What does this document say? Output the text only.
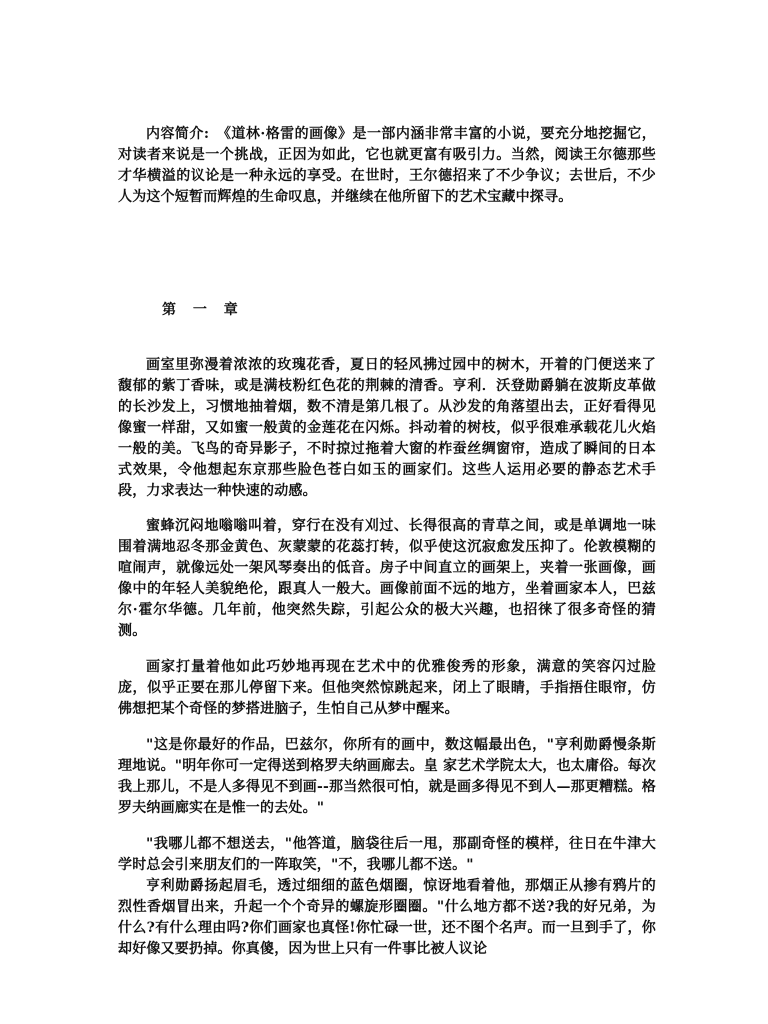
内容简介:　《道林·格雷的画像》是一部内涵非常丰富的小说，要充分地挖掘它，对读者来说是一个挑战，正因为如此，它也就更富有吸引力。当然，阅读王尔德那些才华横溢的议论是一种永远的享受。在世时，王尔德招来了不少争议；去世后，不少人为这个短暂而辉煌的生命叹息，并继续在他所留下的艺术宝藏中探寻。

第 一 章

画室里弥漫着浓浓的玫瑰花香，夏日的轻风拂过园中的树木，开着的门便送来了馥郁的紫丁香味，或是满枝粉红色花的荆棘的清香。亨利．沃登勋爵躺在波斯皮革做的长沙发上，习惯地抽着烟，数不清是第几根了。从沙发的角落望出去，正好看得见像蜜一样甜，又如蜜一般黄的金莲花在闪烁。抖动着的树枝，似乎很难承载花儿火焰一般的美。飞鸟的奇异影子，不时掠过拖着大窗的柞蚕丝绸窗帘，造成了瞬间的日本式效果，令他想起东京那些脸色苍白如玉的画家们。这些人运用必要的静态艺术手段，力求表达一种快速的动感。

蜜蜂沉闷地嗡嗡叫着，穿行在没有刈过、长得很高的青草之间，或是单调地一味围着满地忍冬那金黄色、灰蒙蒙的花蕊打转，似乎使这沉寂愈发压抑了。伦敦模糊的喧闹声，就像远处一架风琴奏出的低音。房子中间直立的画架上，夹着一张画像，画像中的年轻人美貌绝伦，跟真人一般大。画像前面不远的地方，坐着画家本人，巴兹尔·霍尔华德。几年前，他突然失踪，引起公众的极大兴趣，也招徕了很多奇怪的猜测。

画家打量着他如此巧妙地再现在艺术中的优雅俊秀的形象，满意的笑容闪过脸庞，似乎正要在那儿停留下来。但他突然惊跳起来，闭上了眼睛，手指捂住眼帘，仿佛想把某个奇怪的梦搭进脑子，生怕自己从梦中醒来。

"这是你最好的作品，巴兹尔，你所有的画中，数这幅最出色，"亨利勋爵慢条斯理地说。"明年你可一定得送到格罗夫纳画廊去。皇 家艺术学院太大，也太庸俗。每次我上那儿，不是人多得见不到画--那当然很可怕，就是画多得见不到人—那更糟糕。格罗夫纳画廊实在是惟一的去处。"

"我哪儿都不想送去，"他答道，脑袋往后一甩，那副奇怪的模样，往日在牛津大学时总会引来朋友们的一阵取笑，"不，我哪儿都不送。"

亨利勋爵扬起眉毛，透过细细的蓝色烟圈，惊讶地看着他，那烟正从掺有鸦片的烈性香烟冒出来，升起一个个奇异的螺旋形圈圈。"什么地方都不送?我的好兄弟，为什么?有什么理由吗?你们画家也真怪!你忙碌一世，还不图个名声。而一旦到手了，你却好像又要扔掉。你真傻，因为世上只有一件事比被人议论
